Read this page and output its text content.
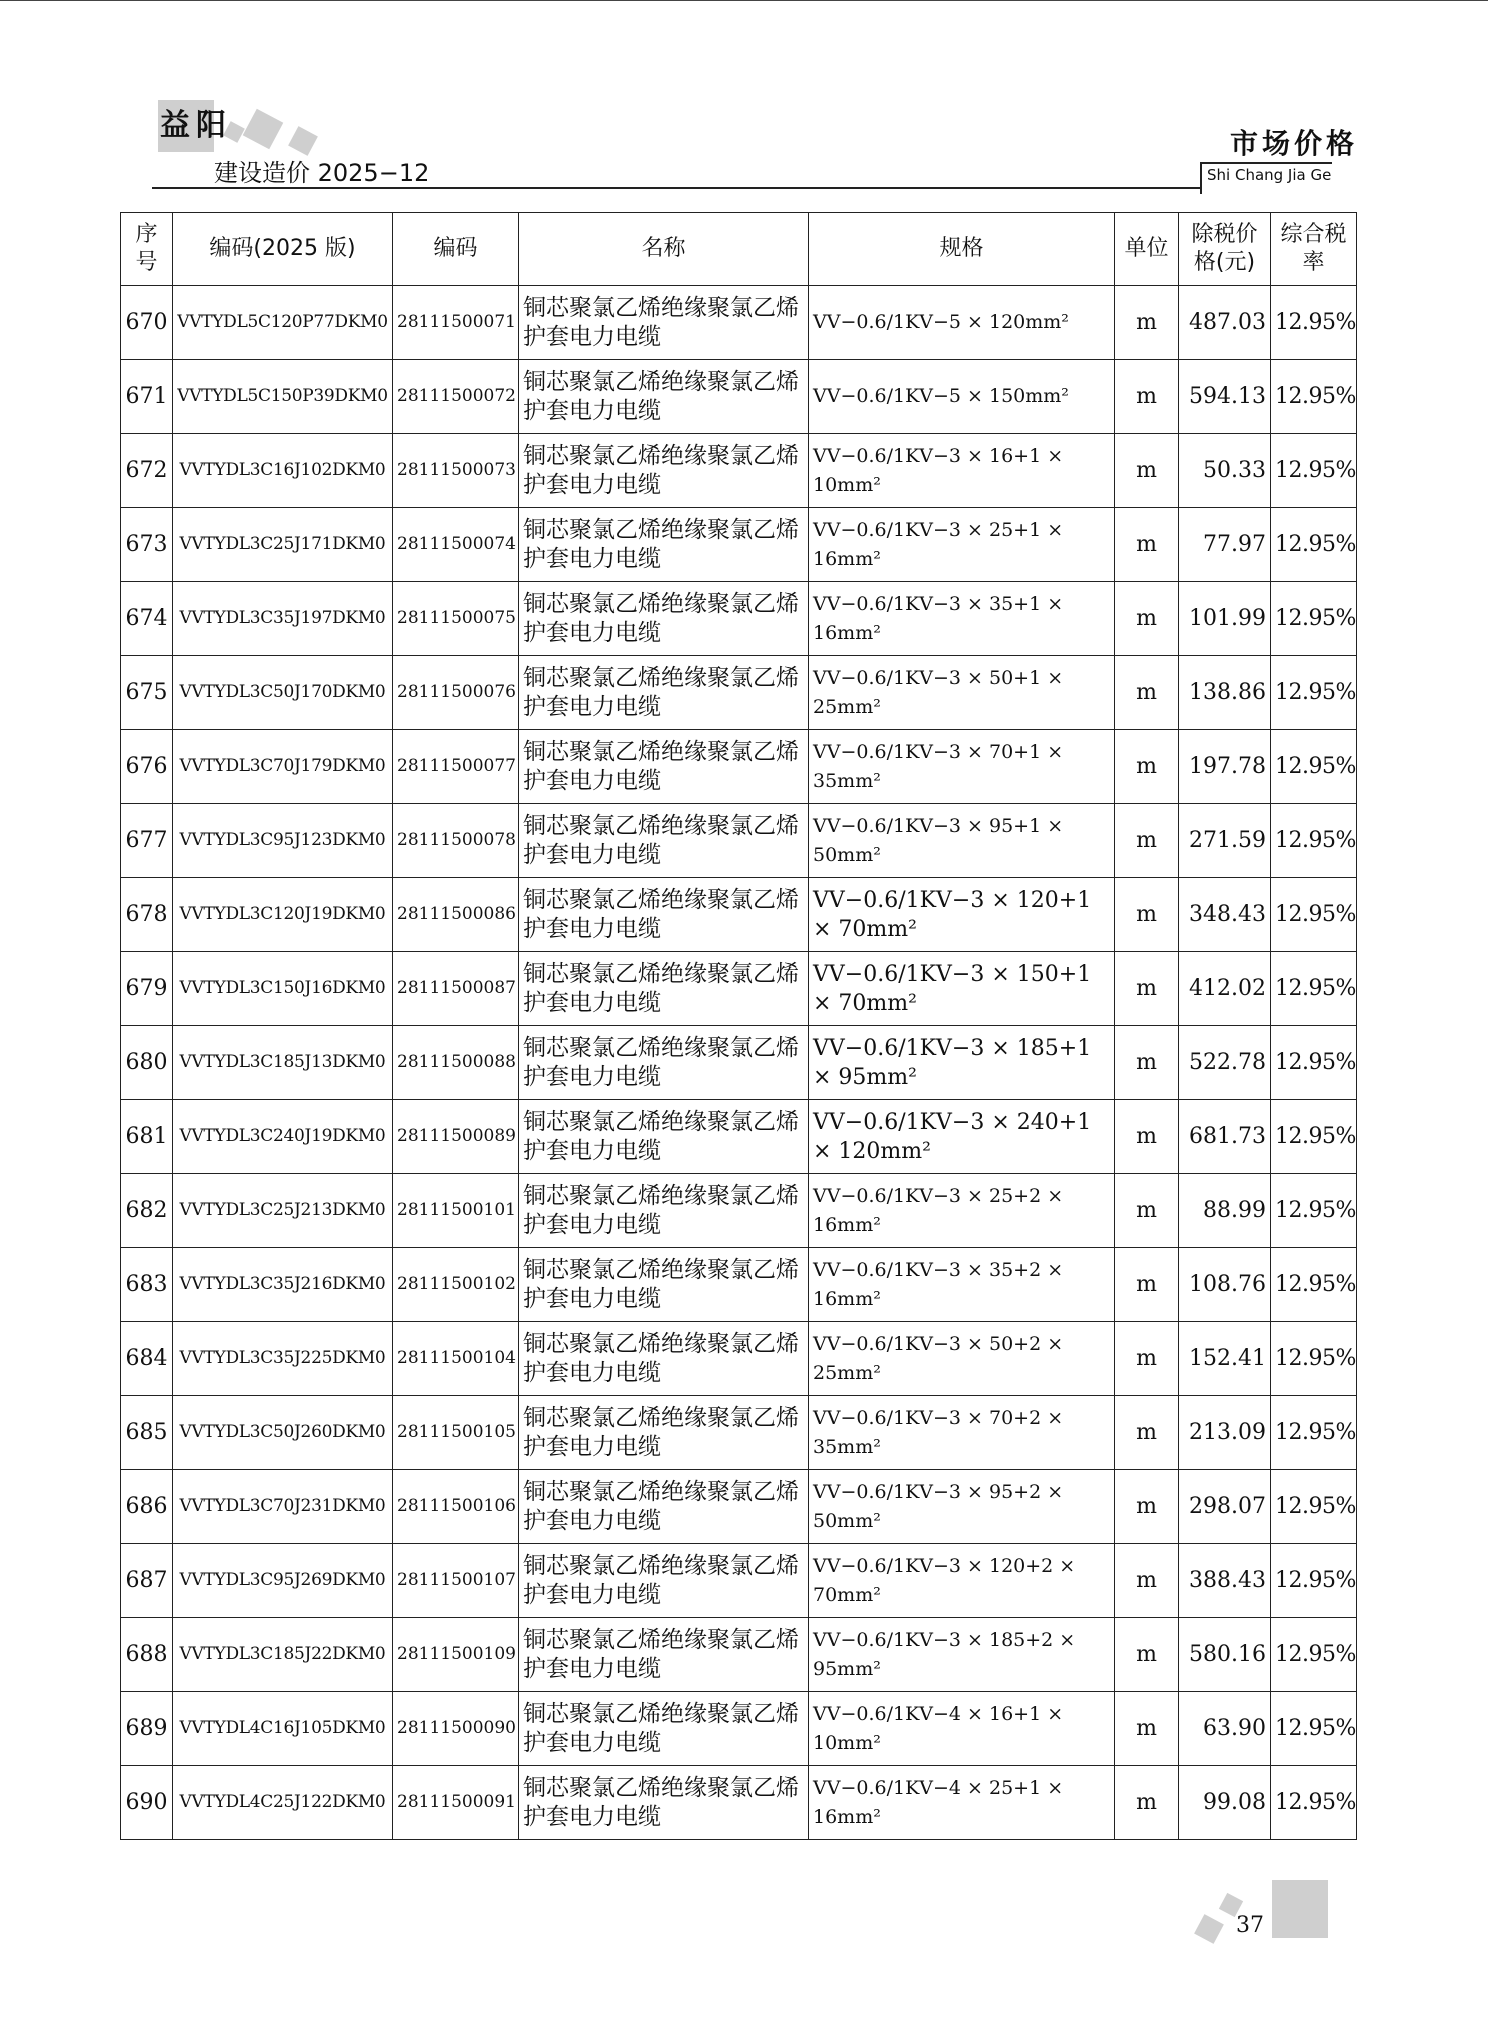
益阳
建设造价 2025−12
市场价格
Shi Chang Jia Ge
序号	编码(2025 版)	编码	名称	规格	单位	除税价格(元)	综合税率
670	VVTYDL5C120P77DKM0	28111500071	铜芯聚氯乙烯绝缘聚氯乙烯护套电力电缆	VV−0.6/1KV−5 × 120mm²	m	487.03	12.95%
671	VVTYDL5C150P39DKM0	28111500072	铜芯聚氯乙烯绝缘聚氯乙烯护套电力电缆	VV−0.6/1KV−5 × 150mm²	m	594.13	12.95%
672	VVTYDL3C16J102DKM0	28111500073	铜芯聚氯乙烯绝缘聚氯乙烯护套电力电缆	VV−0.6/1KV−3 × 16+1 × 10mm²	m	50.33	12.95%
673	VVTYDL3C25J171DKM0	28111500074	铜芯聚氯乙烯绝缘聚氯乙烯护套电力电缆	VV−0.6/1KV−3 × 25+1 × 16mm²	m	77.97	12.95%
674	VVTYDL3C35J197DKM0	28111500075	铜芯聚氯乙烯绝缘聚氯乙烯护套电力电缆	VV−0.6/1KV−3 × 35+1 × 16mm²	m	101.99	12.95%
675	VVTYDL3C50J170DKM0	28111500076	铜芯聚氯乙烯绝缘聚氯乙烯护套电力电缆	VV−0.6/1KV−3 × 50+1 × 25mm²	m	138.86	12.95%
676	VVTYDL3C70J179DKM0	28111500077	铜芯聚氯乙烯绝缘聚氯乙烯护套电力电缆	VV−0.6/1KV−3 × 70+1 × 35mm²	m	197.78	12.95%
677	VVTYDL3C95J123DKM0	28111500078	铜芯聚氯乙烯绝缘聚氯乙烯护套电力电缆	VV−0.6/1KV−3 × 95+1 × 50mm²	m	271.59	12.95%
678	VVTYDL3C120J19DKM0	28111500086	铜芯聚氯乙烯绝缘聚氯乙烯护套电力电缆	VV−0.6/1KV−3 × 120+1 × 70mm²	m	348.43	12.95%
679	VVTYDL3C150J16DKM0	28111500087	铜芯聚氯乙烯绝缘聚氯乙烯护套电力电缆	VV−0.6/1KV−3 × 150+1 × 70mm²	m	412.02	12.95%
680	VVTYDL3C185J13DKM0	28111500088	铜芯聚氯乙烯绝缘聚氯乙烯护套电力电缆	VV−0.6/1KV−3 × 185+1 × 95mm²	m	522.78	12.95%
681	VVTYDL3C240J19DKM0	28111500089	铜芯聚氯乙烯绝缘聚氯乙烯护套电力电缆	VV−0.6/1KV−3 × 240+1 × 120mm²	m	681.73	12.95%
682	VVTYDL3C25J213DKM0	28111500101	铜芯聚氯乙烯绝缘聚氯乙烯护套电力电缆	VV−0.6/1KV−3 × 25+2 × 16mm²	m	88.99	12.95%
683	VVTYDL3C35J216DKM0	28111500102	铜芯聚氯乙烯绝缘聚氯乙烯护套电力电缆	VV−0.6/1KV−3 × 35+2 × 16mm²	m	108.76	12.95%
684	VVTYDL3C35J225DKM0	28111500104	铜芯聚氯乙烯绝缘聚氯乙烯护套电力电缆	VV−0.6/1KV−3 × 50+2 × 25mm²	m	152.41	12.95%
685	VVTYDL3C50J260DKM0	28111500105	铜芯聚氯乙烯绝缘聚氯乙烯护套电力电缆	VV−0.6/1KV−3 × 70+2 × 35mm²	m	213.09	12.95%
686	VVTYDL3C70J231DKM0	28111500106	铜芯聚氯乙烯绝缘聚氯乙烯护套电力电缆	VV−0.6/1KV−3 × 95+2 × 50mm²	m	298.07	12.95%
687	VVTYDL3C95J269DKM0	28111500107	铜芯聚氯乙烯绝缘聚氯乙烯护套电力电缆	VV−0.6/1KV−3 × 120+2 × 70mm²	m	388.43	12.95%
688	VVTYDL3C185J22DKM0	28111500109	铜芯聚氯乙烯绝缘聚氯乙烯护套电力电缆	VV−0.6/1KV−3 × 185+2 × 95mm²	m	580.16	12.95%
689	VVTYDL4C16J105DKM0	28111500090	铜芯聚氯乙烯绝缘聚氯乙烯护套电力电缆	VV−0.6/1KV−4 × 16+1 × 10mm²	m	63.90	12.95%
690	VVTYDL4C25J122DKM0	28111500091	铜芯聚氯乙烯绝缘聚氯乙烯护套电力电缆	VV−0.6/1KV−4 × 25+1 × 16mm²	m	99.08	12.95%
37
